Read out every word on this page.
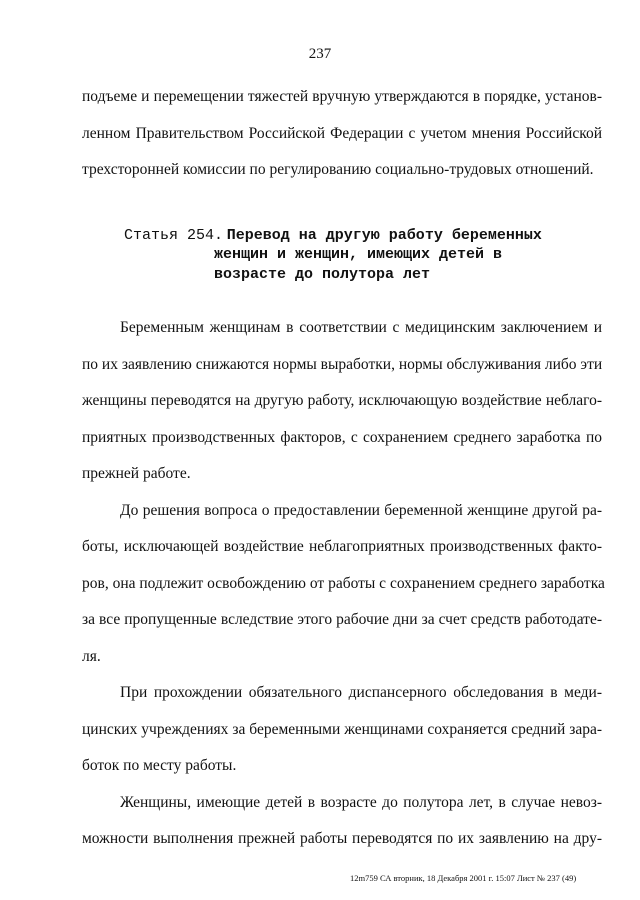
237
подъеме и перемещении тяжестей вручную утверждаются в порядке, установ-
ленном Правительством Российской Федерации с учетом мнения Российской
трехсторонней комиссии по регулированию социально-трудовых отношений.
Статья 254. Перевод на другую работу беременных
женщин и женщин, имеющих детей в
возрасте до полутора лет
Беременным женщинам в соответствии с медицинским заключением и
по их заявлению снижаются нормы выработки, нормы обслуживания либо эти
женщины переводятся на другую работу, исключающую воздействие неблаго-
приятных производственных факторов, с сохранением среднего заработка по
прежней работе.
До решения вопроса о предоставлении беременной женщине другой ра-
боты, исключающей воздействие неблагоприятных производственных факто-
ров, она подлежит освобождению от работы с сохранением среднего заработка
за все пропущенные вследствие этого рабочие дни за счет средств работодате-
ля.
При прохождении обязательного диспансерного обследования в меди-
цинских учреждениях за беременными женщинами сохраняется средний зара-
боток по месту работы.
Женщины, имеющие детей в возрасте до полутора лет, в случае невоз-
можности выполнения прежней работы переводятся по их заявлению на дру-
12m759 СА вторник, 18 Декабря 2001 г. 15:07 Лист № 237 (49)
